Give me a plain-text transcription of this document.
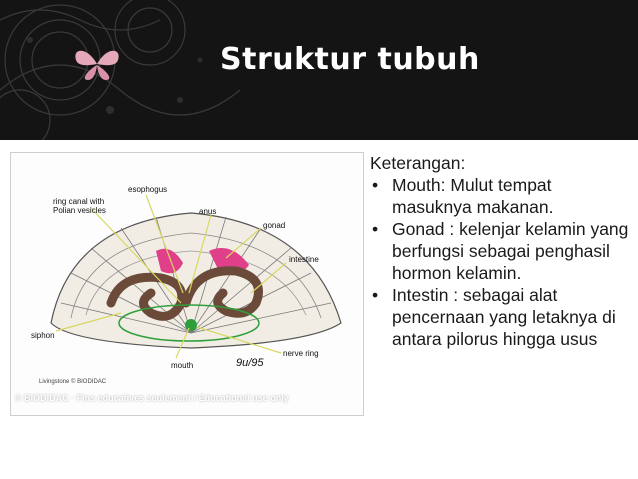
Struktur tubuh
ring canal with
Polian vesicles
esophogus
anus
gonad
intestine
siphon
mouth
nerve ring
9u/95
Livingstone © BIODIDAC
© BIODIDAC · Fins educatives seulement / Educational use only

Keterangan:

• Mouth: Mulut tempat masuknya makanan.
• Gonad : kelenjar kelamin yang berfungsi sebagai penghasil hormon kelamin.
• Intestin : sebagai alat pencernaan yang letaknya di antara pilorus hingga usus
